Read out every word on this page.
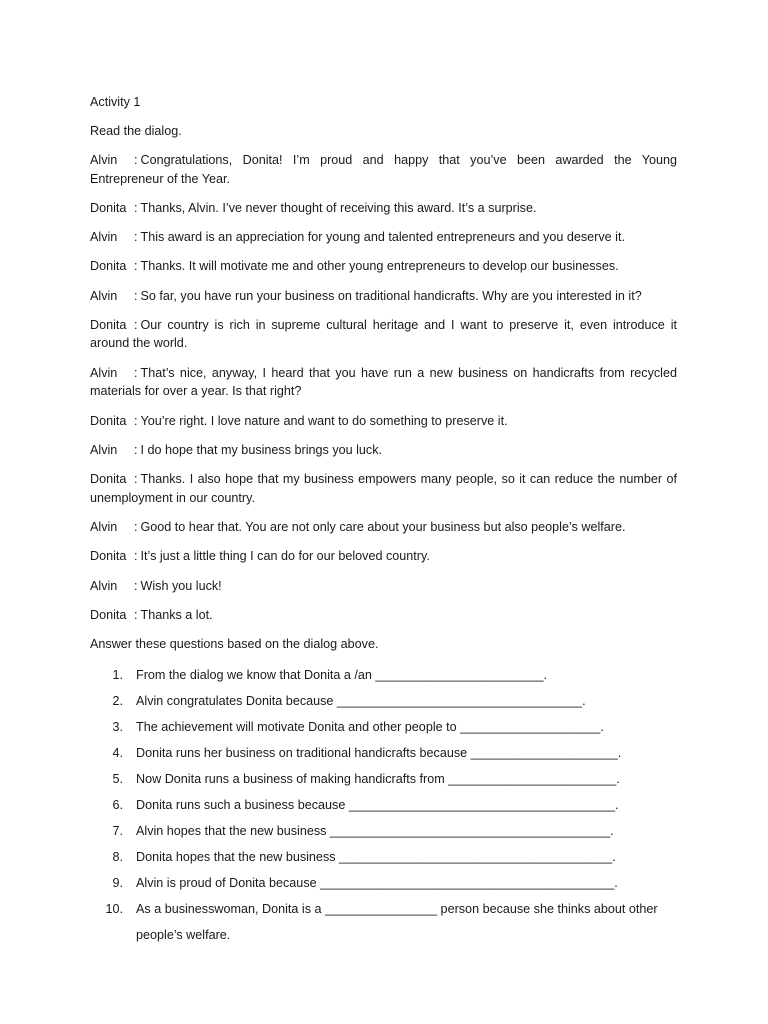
Activity 1
Read the dialog.
Alvin : Congratulations, Donita! I’m proud and happy that you’ve been awarded the Young Entrepreneur of the Year.
Donita : Thanks, Alvin. I’ve never thought of receiving this award. It’s a surprise.
Alvin : This award is an appreciation for young and talented entrepreneurs and you deserve it.
Donita : Thanks. It will motivate me and other young entrepreneurs to develop our businesses.
Alvin : So far, you have run your business on traditional handicrafts. Why are you interested in it?
Donita : Our country is rich in supreme cultural heritage and I want to preserve it, even introduce it around the world.
Alvin : That’s nice, anyway, I heard that you have run a new business on handicrafts from recycled materials for over a year. Is that right?
Donita : You’re right. I love nature and want to do something to preserve it.
Alvin : I do hope that my business brings you luck.
Donita : Thanks. I also hope that my business empowers many people, so it can reduce the number of unemployment in our country.
Alvin : Good to hear that. You are not only care about your business but also people’s welfare.
Donita : It’s just a little thing I can do for our beloved country.
Alvin : Wish you luck!
Donita : Thanks a lot.
Answer these questions based on the dialog above.
1. From the dialog we know that Donita a /an ________________________.
2. Alvin congratulates Donita because ___________________________________.
3. The achievement will motivate Donita and other people to ____________________.
4. Donita runs her business on traditional handicrafts because _____________________.
5. Now Donita runs a business of making handicrafts from ________________________.
6. Donita runs such a business because ______________________________________.
7. Alvin hopes that the new business ________________________________________.
8. Donita hopes that the new business _______________________________________.
9. Alvin is proud of Donita because __________________________________________.
10. As a businesswoman, Donita is a ________________ person because she thinks about other people’s welfare.
